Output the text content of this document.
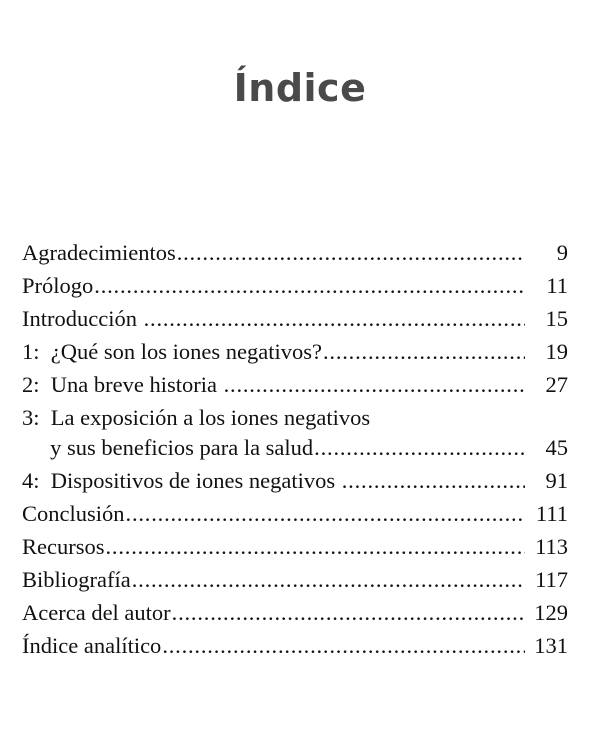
Índice
Agradecimientos .....	9
Prólogo .....	11
Introducción .....	15
1: ¿Qué son los iones negativos? .....	19
2: Una breve historia .....	27
3: La exposición a los iones negativos

y sus beneficios para la salud .....	45
4: Dispositivos de iones negativos .....	91
Conclusión .....	111
Recursos .....	113
Bibliografía .....	117
Acerca del autor .....	129
Índice analítico .....	131
